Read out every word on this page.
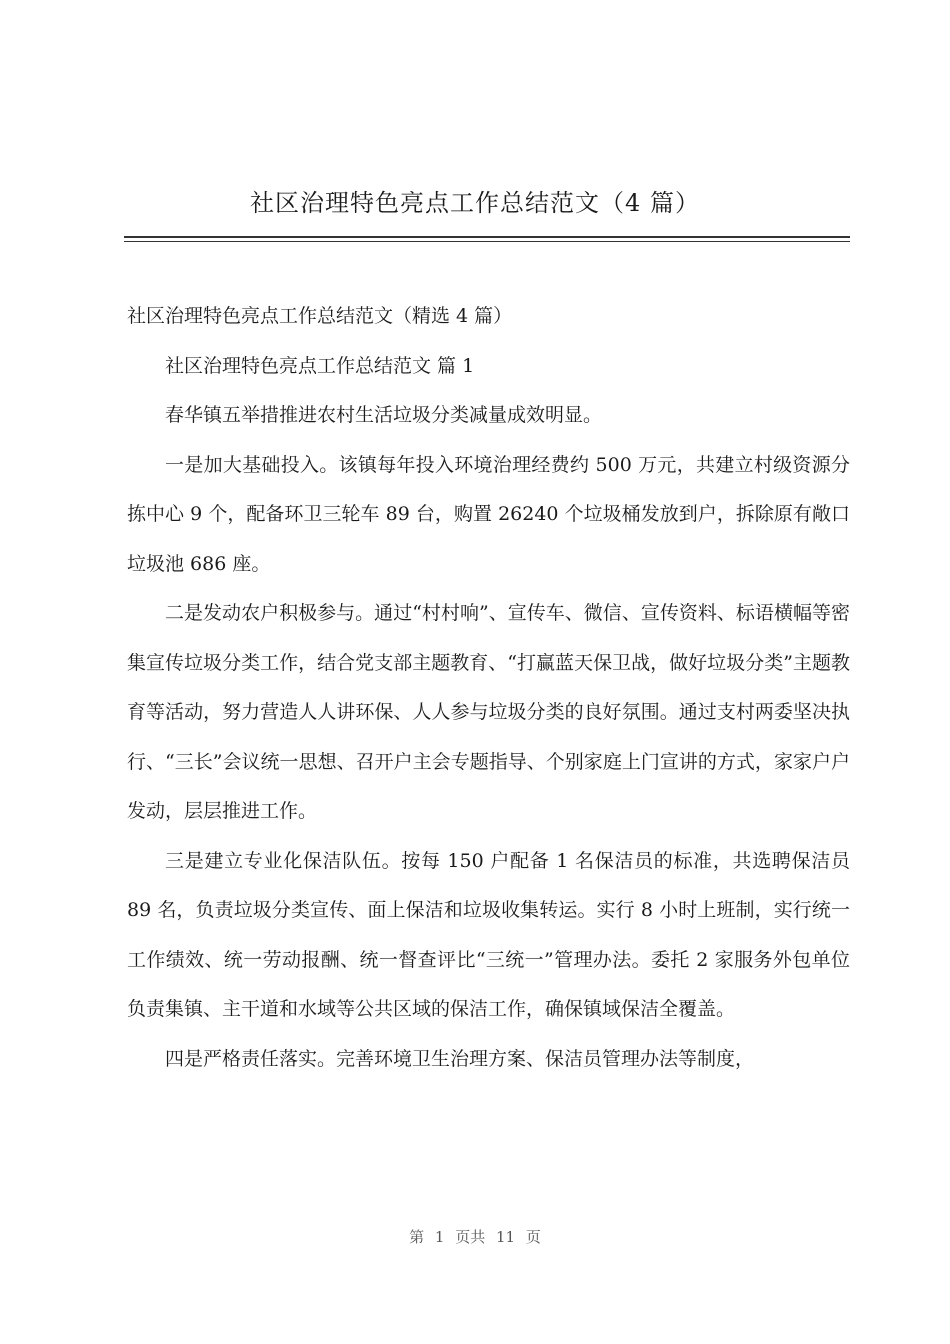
社区治理特色亮点工作总结范文（4 篇）

社区治理特色亮点工作总结范文（精选 4 篇）

社区治理特色亮点工作总结范文 篇 1

春华镇五举措推进农村生活垃圾分类减量成效明显。

一是加大基础投入。该镇每年投入环境治理经费约 500 万元，共建立村级资源分拣中心 9 个，配备环卫三轮车 89 台，购置 26240 个垃圾桶发放到户，拆除原有敞口垃圾池 686 座。

二是发动农户积极参与。通过“村村响”、宣传车、微信、宣传资料、标语横幅等密集宣传垃圾分类工作，结合党支部主题教育、“打赢蓝天保卫战，做好垃圾分类”主题教育等活动，努力营造人人讲环保、人人参与垃圾分类的良好氛围。通过支村两委坚决执行、“三长”会议统一思想、召开户主会专题指导、个别家庭上门宣讲的方式，家家户户发动，层层推进工作。

三是建立专业化保洁队伍。按每 150 户配备 1 名保洁员的标准，共选聘保洁员 89 名，负责垃圾分类宣传、面上保洁和垃圾收集转运。实行 8 小时上班制，实行统一工作绩效、统一劳动报酬、统一督查评比“三统一”管理办法。委托 2 家服务外包单位负责集镇、主干道和水域等公共区域的保洁工作，确保镇域保洁全覆盖。

四是严格责任落实。完善环境卫生治理方案、保洁员管理办法等制度，

第 1 页共 11 页
